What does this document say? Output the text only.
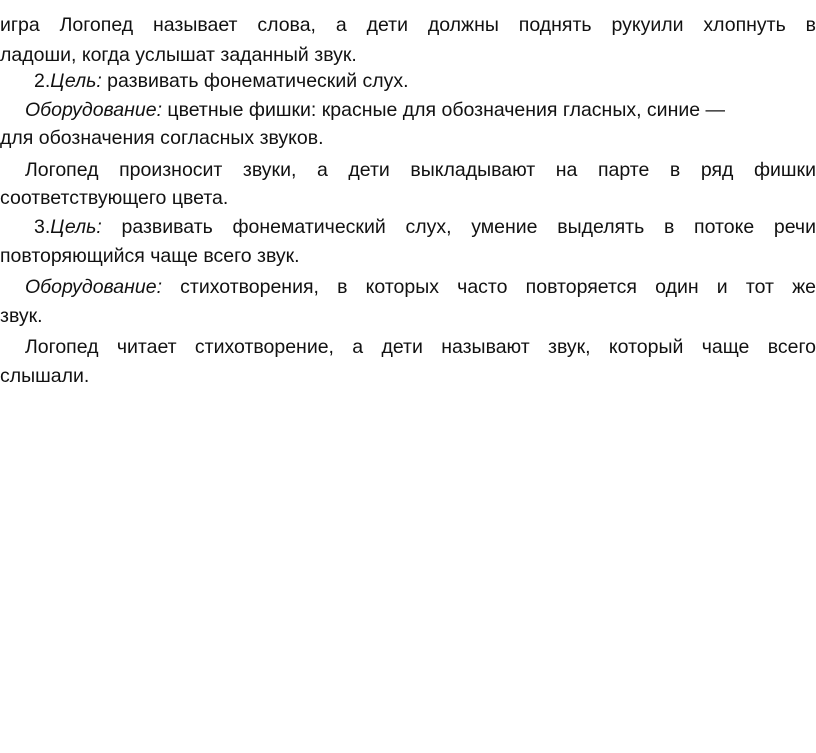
игра Логопед называет слова, а дети должны поднять рукуили хлопнуть в
ладоши, когда услышат заданный звук.
2.Цель: развивать фонематический слух.
Оборудование: цветные фишки: красные для обозначения гласных, синие —
для обозначения согласных звуков.
Логопед произносит звуки, а дети выкладывают на парте в ряд фишки
соответствующего цвета.
3.Цель: развивать фонематический слух, умение выделять в потоке речи
повторяющийся чаще всего звук.
Оборудование: стихотворения, в которых часто повторяется один и тот же
звук.
Логопед читает стихотворение, а дети называют звук, который чаще всего
слышали.
